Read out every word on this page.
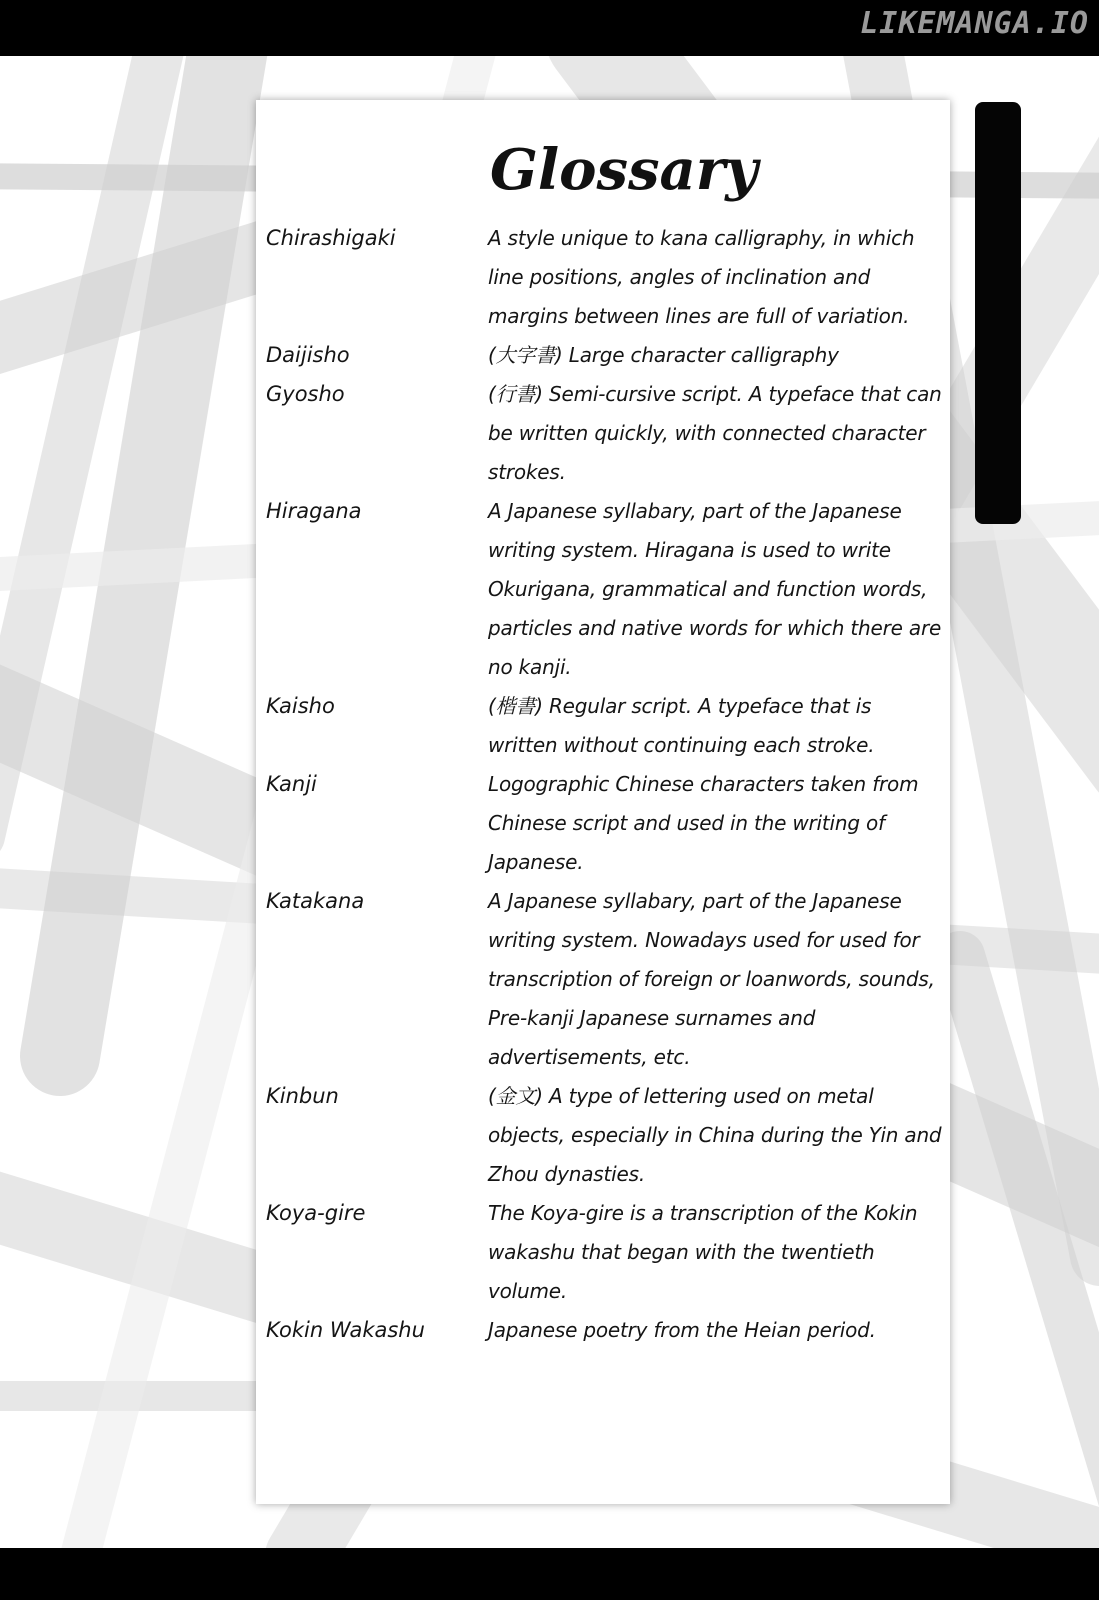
LIKEMANGA.IO
Glossary
Chirashigaki	A style unique to kana calligraphy, in which line positions, angles of inclination and margins between lines are full of variation.
Daijisho	(大字書) Large character calligraphy
Gyosho	(行書) Semi-cursive script. A typeface that can be written quickly, with connected character strokes.
Hiragana	A Japanese syllabary, part of the Japanese writing system. Hiragana is used to write Okurigana, grammatical and function words, particles and native words for which there are no kanji.
Kaisho	(楷書) Regular script. A typeface that is written without continuing each stroke.
Kanji	Logographic Chinese characters taken from Chinese script and used in the writing of Japanese.
Katakana	A Japanese syllabary, part of the Japanese writing system. Nowadays used for used for transcription of foreign or loanwords, sounds, Pre-kanji Japanese surnames and advertisements, etc.
Kinbun	(金文) A type of lettering used on metal objects, especially in China during the Yin and Zhou dynasties.
Koya-gire	The Koya-gire is a transcription of the Kokin wakashu that began with the twentieth volume.
Kokin Wakashu	Japanese poetry from the Heian period.
